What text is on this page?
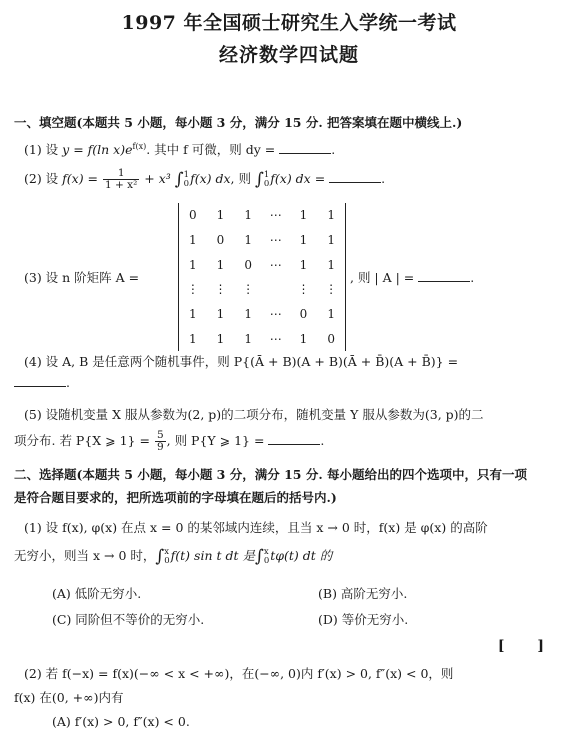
1997 年全国硕士研究生入学统一考试
经济数学四试题
一、填空题(本题共 5 小题，每小题 3 分，满分 15 分. 把答案填在题中横线上.)
(1) 设 y = f(ln $x)e^{f(x)}$. 其中 f 可微，则 dy =	.
(2) 设 $f(x) = \frac{1}{\text{1 + x²}} + x^3$ ∫1
0f(x) dx, 则 ∫1
0f(x) dx =	.
(3) 设 n 阶矩阵 A =
0	1	1	⋯	1	1
1	0	1	⋯	1	1
1	1	0	⋯	1	1
⋮	⋮	⋮		⋮	⋮
1	1	1	⋯	0	1
1	1	1	⋯	1	0
, 则 | A | =	.
(4) 设 A, B 是任意两个随机事件，则 P{(Ā + B)(A + B)(Ā + B̄)(A + B̄)} =
.
(5) 设随机变量 X 服从参数为(2, p)的二项分布，随机变量 Y 服从参数为(3, p)的二
项分布. 若 P{X ⩾ $1\} = \frac{5}{9}$ , 则 P{Y ⩾ 1} =	.
二、选择题(本题共 5 小题，每小题 3 分，满分 15 分. 每小题给出的四个选项中，只有一项
是符合题目要求的，把所选项前的字母填在题后的括号内.)
(1) 设 f(x), φ(x) 在点 x = 0 的某邻域内连续，且当 x → 0 时，f(x) 是 φ(x) 的高阶
无穷小，则当 x → 0 时，∫x
0f(t) sin t dt 是∫x
0tφ(t) dt 的
(A) 低阶无穷小.	(B) 高阶无穷小.
(C) 同阶但不等价的无穷小.	(D) 等价无穷小.
[ ]
(2) 若 f(−x) = f(x)(−∞ < x < +∞)，在(−∞, 0)内 f′(x) > 0, f″(x) < 0，则
f(x) 在(0, +∞)内有
(A) f′(x) > 0, f″(x) < 0.
